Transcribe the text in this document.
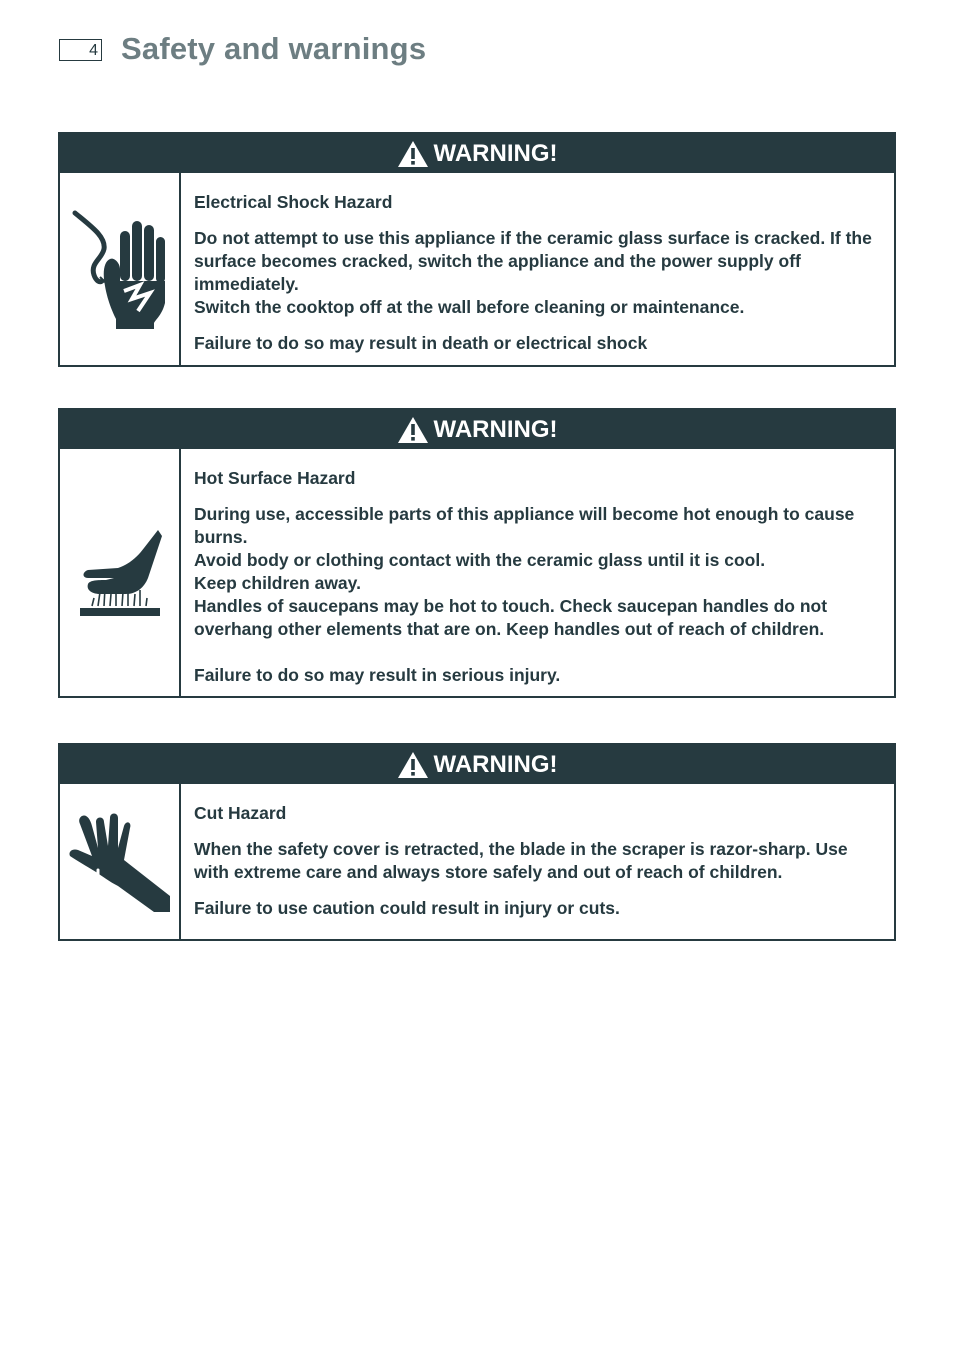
4 Safety and warnings
WARNING!

Electrical Shock Hazard

Do not attempt to use this appliance if the ceramic glass surface is cracked. If the surface becomes cracked, switch the appliance and the power supply off immediately.

Switch the cooktop off at the wall before cleaning or maintenance.

Failure to do so may result in death or electrical shock

WARNING!

Hot Surface Hazard

During use, accessible parts of this appliance will become hot enough to cause burns.

Avoid body or clothing contact with the ceramic glass until it is cool.

Keep children away.

Handles of saucepans may be hot to touch. Check saucepan handles do not overhang other elements that are on. Keep handles out of reach of children.

Failure to do so may result in serious injury.

WARNING!

Cut Hazard

When the safety cover is retracted, the blade in the scraper is razor-sharp. Use with extreme care and always store safely and out of reach of children.

Failure to use caution could result in injury or cuts.
